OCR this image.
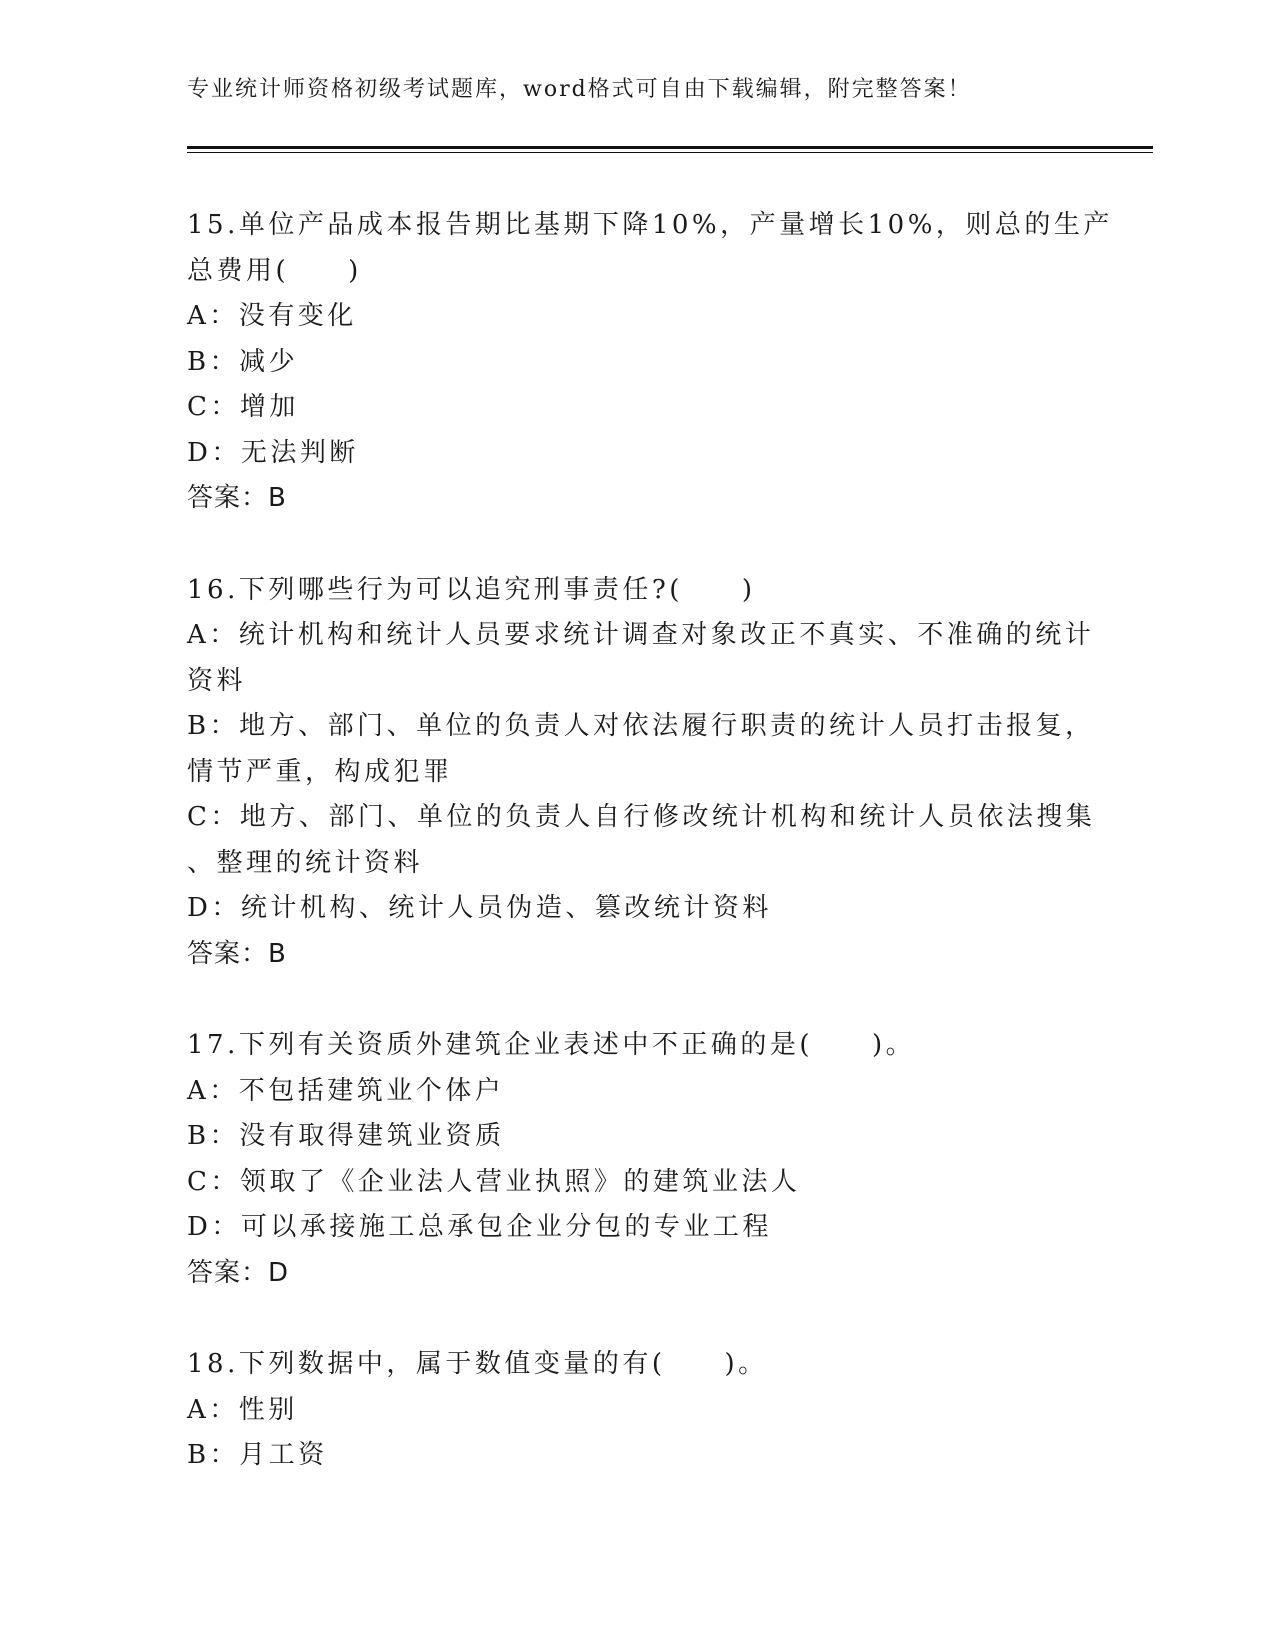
专业统计师资格初级考试题库，word格式可自由下载编辑，附完整答案！
15.单位产品成本报告期比基期下降10%，产量增长10%，则总的生产
总费用(　　)
A：没有变化
B：减少
C：增加
D：无法判断
答案：B
16.下列哪些行为可以追究刑事责任?(　　)
A：统计机构和统计人员要求统计调查对象改正不真实、不准确的统计
资料
B：地方、部门、单位的负责人对依法履行职责的统计人员打击报复，
情节严重，构成犯罪
C：地方、部门、单位的负责人自行修改统计机构和统计人员依法搜集
、整理的统计资料
D：统计机构、统计人员伪造、篡改统计资料
答案：B
17.下列有关资质外建筑企业表述中不正确的是(　　)。
A：不包括建筑业个体户
B：没有取得建筑业资质
C：领取了《企业法人营业执照》的建筑业法人
D：可以承接施工总承包企业分包的专业工程
答案：D
18.下列数据中，属于数值变量的有(　　)。
A：性别
B：月工资
